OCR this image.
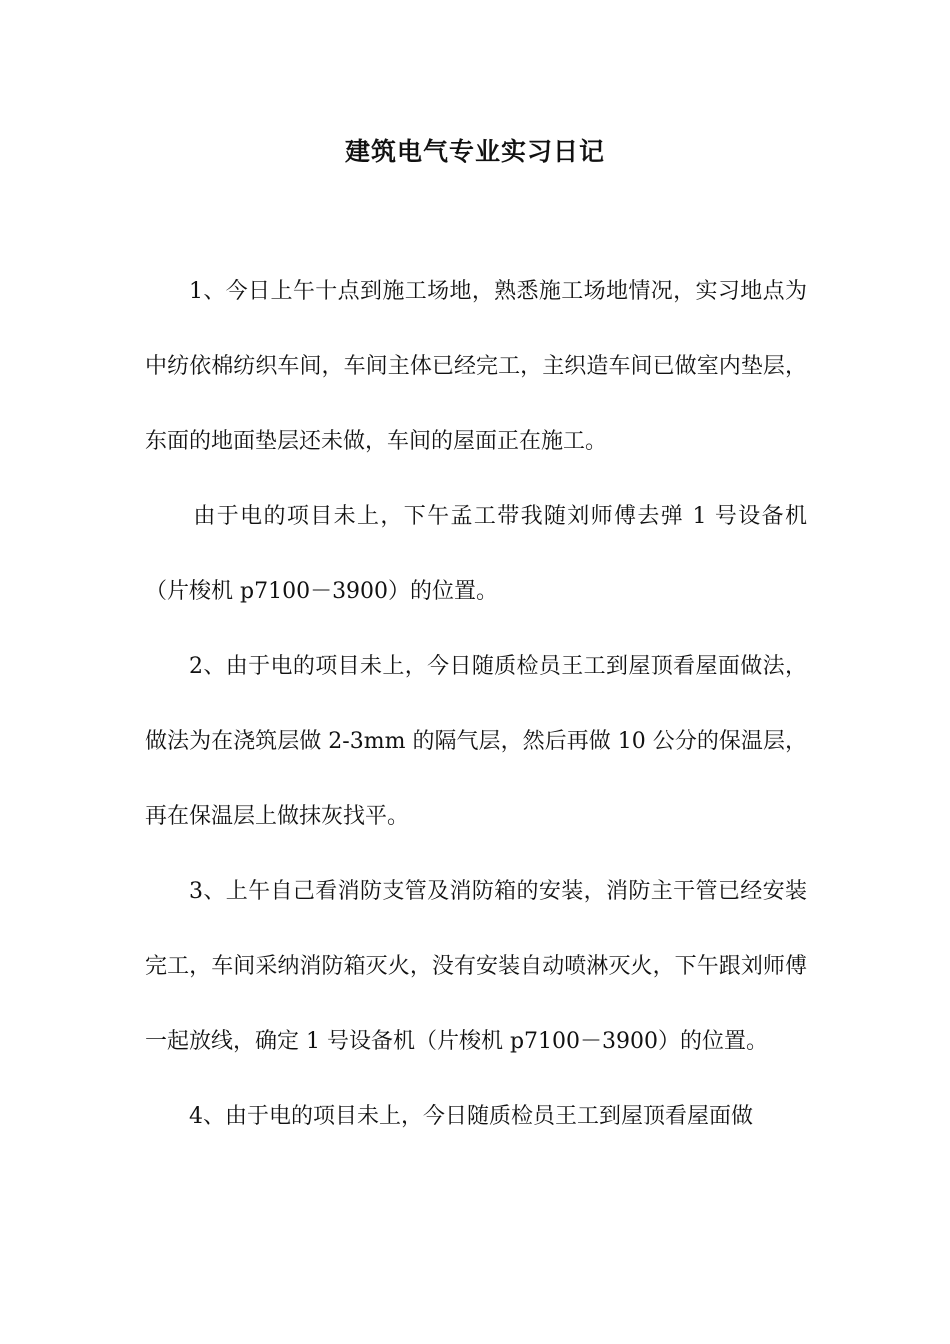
建筑电气专业实习日记

1、今日上午十点到施工场地，熟悉施工场地情况，实习地点为中纺依棉纺织车间，车间主体已经完工，主织造车间已做室内垫层，东面的地面垫层还未做，车间的屋面正在施工。

由于电的项目未上，下午孟工带我随刘师傅去弹 1 号设备机（片梭机 p7100－3900）的位置。

2、由于电的项目未上，今日随质检员王工到屋顶看屋面做法，做法为在浇筑层做 2-3mm 的隔气层，然后再做 10 公分的保温层，再在保温层上做抹灰找平。

3、上午自己看消防支管及消防箱的安装，消防主干管已经安装完工，车间采纳消防箱灭火，没有安装自动喷淋灭火，下午跟刘师傅一起放线，确定 1 号设备机（片梭机 p7100－3900）的位置。

4、由于电的项目未上，今日随质检员王工到屋顶看屋面做
